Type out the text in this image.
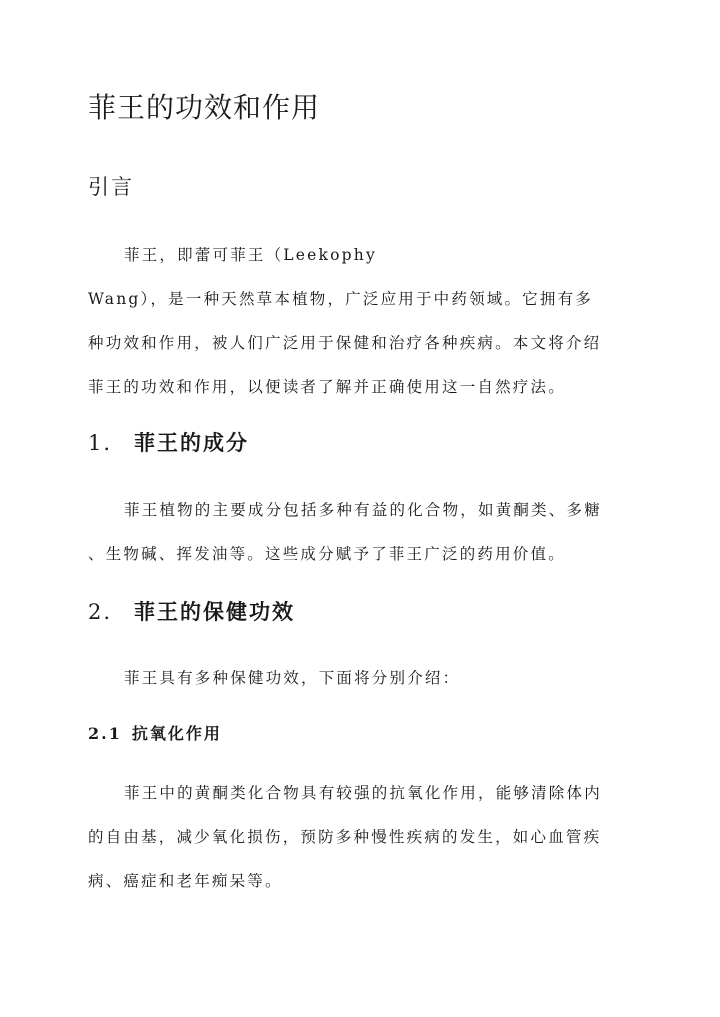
菲王的功效和作用
引言
菲王，即蕾可菲王（Leekophy
Wang），是一种天然草本植物，广泛应用于中药领域。它拥有多
种功效和作用，被人们广泛用于保健和治疗各种疾病。本文将介绍
菲王的功效和作用，以便读者了解并正确使用这一自然疗法。
1. 菲王的成分
菲王植物的主要成分包括多种有益的化合物，如黄酮类、多糖
、生物碱、挥发油等。这些成分赋予了菲王广泛的药用价值。
2. 菲王的保健功效
菲王具有多种保健功效，下面将分别介绍：
2.1 抗氧化作用
菲王中的黄酮类化合物具有较强的抗氧化作用，能够清除体内
的自由基，减少氧化损伤，预防多种慢性疾病的发生，如心血管疾
病、癌症和老年痴呆等。
